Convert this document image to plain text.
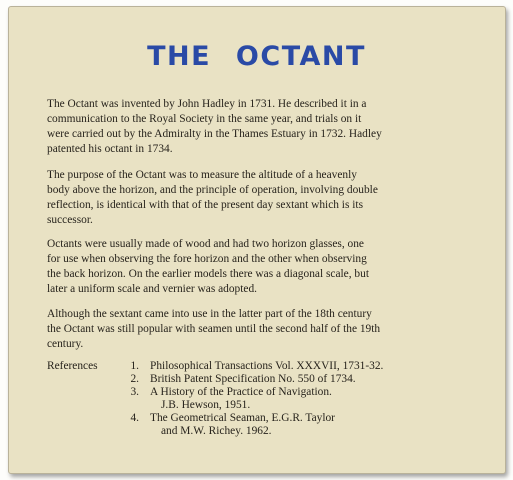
THE OCTANT
The Octant was invented by John Hadley in 1731. He described it in a
communication to the Royal Society in the same year, and trials on it
were carried out by the Admiralty in the Thames Estuary in 1732. Hadley
patented his octant in 1734.
The purpose of the Octant was to measure the altitude of a heavenly
body above the horizon, and the principle of operation, involving double
reflection, is identical with that of the present day sextant which is its
successor.
Octants were usually made of wood and had two horizon glasses, one
for use when observing the fore horizon and the other when observing
the back horizon. On the earlier models there was a diagonal scale, but
later a uniform scale and vernier was adopted.
Although the sextant came into use in the latter part of the 18th century
the Octant was still popular with seamen until the second half of the 19th
century.
References	1. Philosophical Transactions Vol. XXXVII, 1731-32.
2. British Patent Specification No. 550 of 1734.
3. A History of the Practice of Navigation.
J.B. Hewson, 1951.
4. The Geometrical Seaman, E.G.R. Taylor
and M.W. Richey. 1962.
